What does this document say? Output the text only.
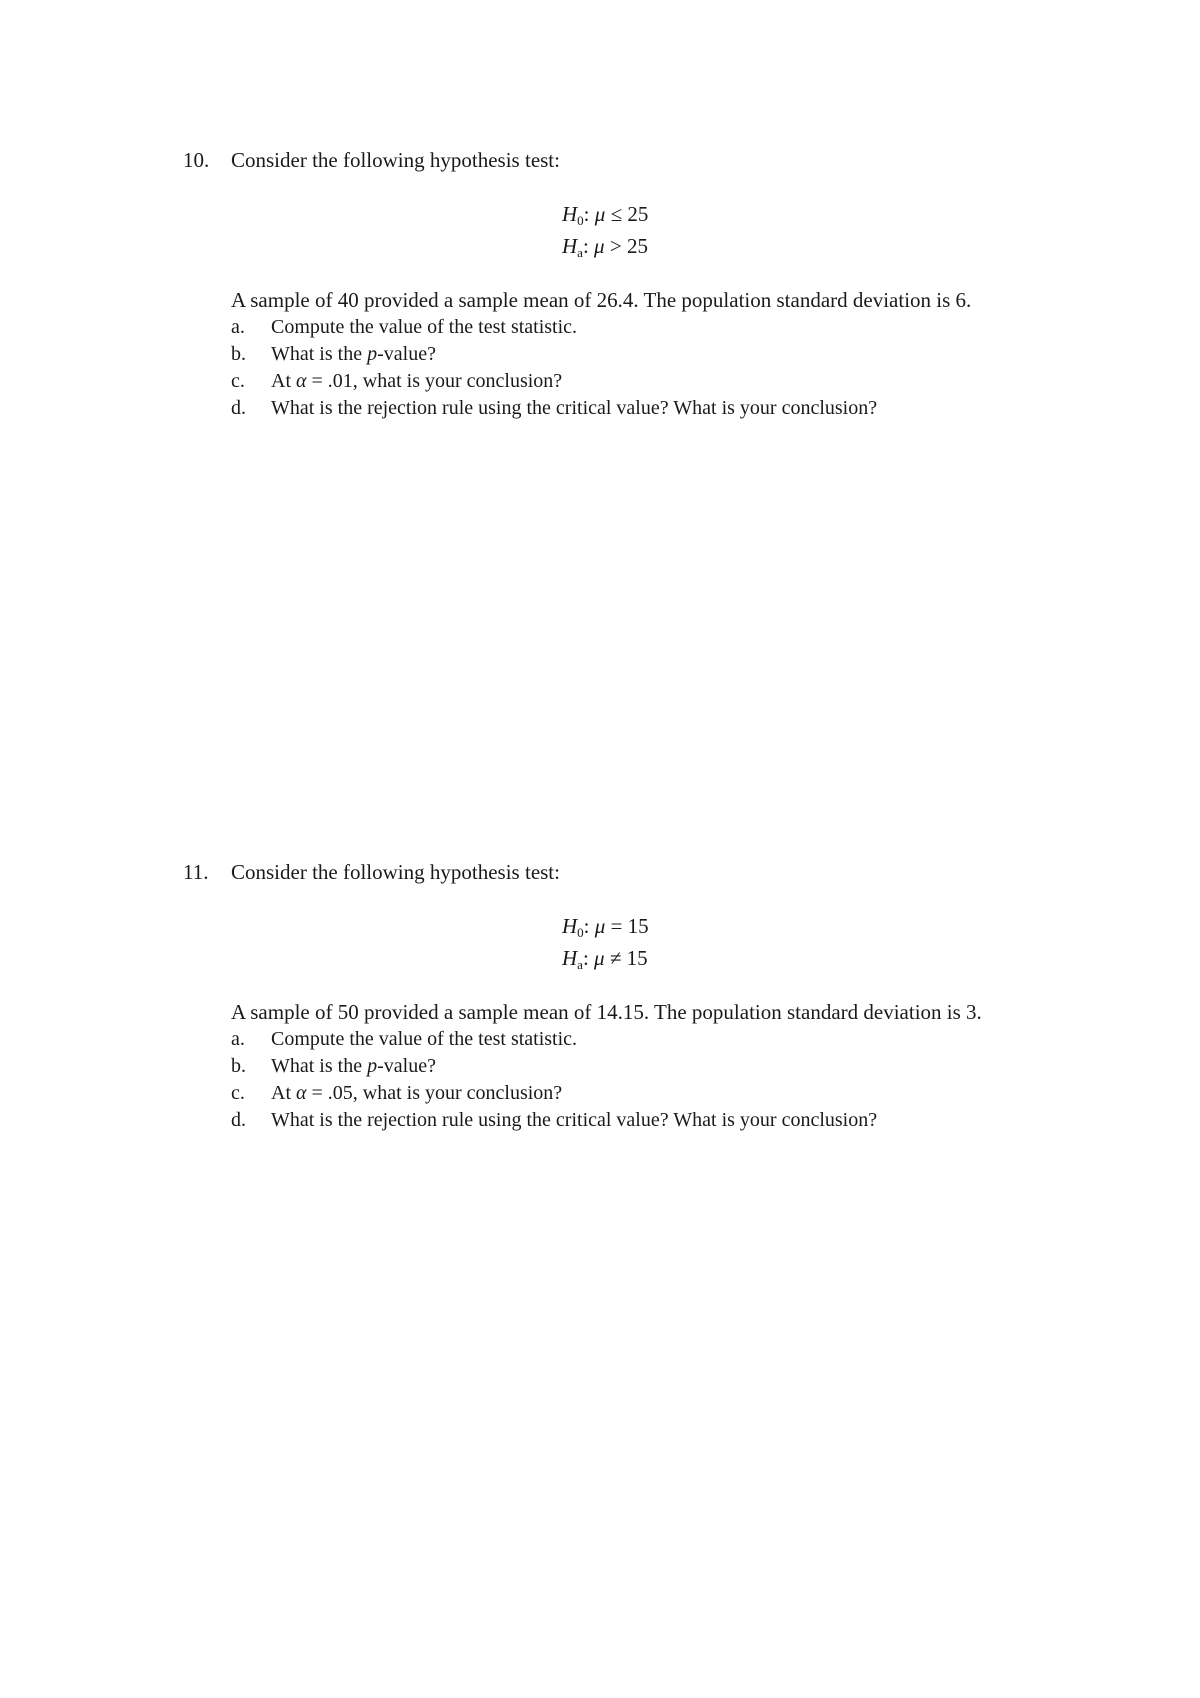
10. Consider the following hypothesis test:
$H_0$: μ ≤ 25
$H_a$: μ > 25
A sample of 40 provided a sample mean of 26.4. The population standard deviation is 6.
a. Compute the value of the test statistic.
b. What is the p-value?
c. At α = .01, what is your conclusion?
d. What is the rejection rule using the critical value? What is your conclusion?
11. Consider the following hypothesis test:
$H_0$: μ = 15
$H_a$: μ ≠ 15
A sample of 50 provided a sample mean of 14.15. The population standard deviation is 3.
a. Compute the value of the test statistic.
b. What is the p-value?
c. At α = .05, what is your conclusion?
d. What is the rejection rule using the critical value? What is your conclusion?
